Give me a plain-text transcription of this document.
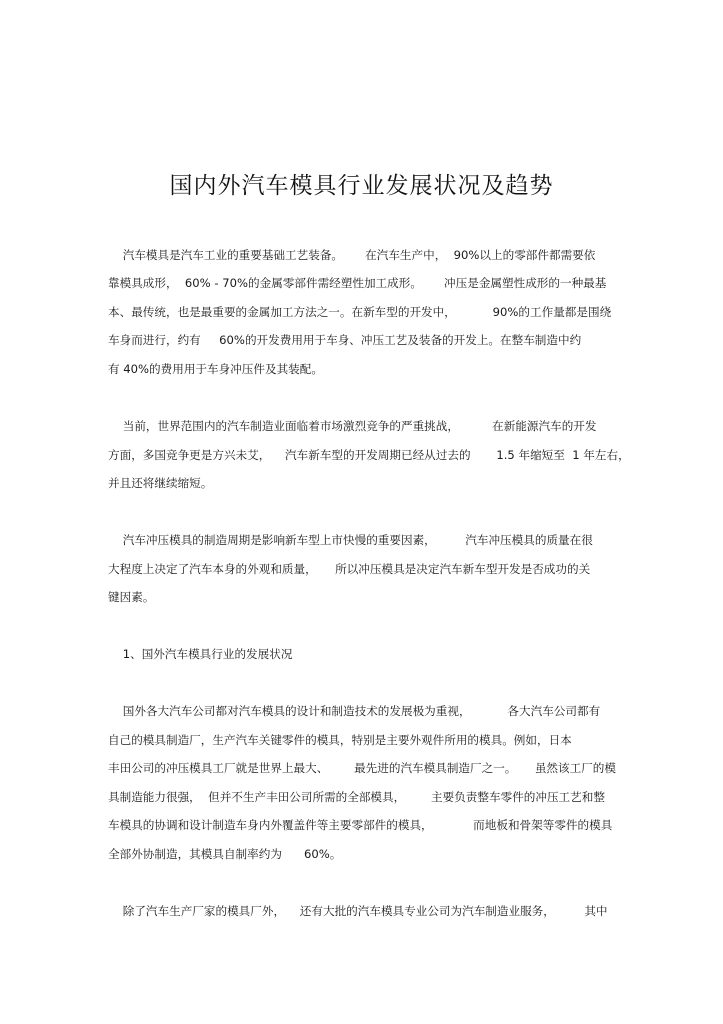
国内外汽车模具行业发展状况及趋势
汽车模具是汽车工业的重要基础工艺装备。      在汽车生产中，  90%以上的零部件都需要依
靠模具成形，  60% - 70%的金属零部件需经塑性加工成形。      冲压是金属塑性成形的一种最基
本、最传统，也是最重要的金属加工方法之一。在新车型的开发中，          90%的工作量都是围绕
车身而进行，约有     60%的开发费用用于车身、冲压工艺及装备的开发上。在整车制造中约
有 40%的费用用于车身冲压件及其装配。
当前，世界范围内的汽车制造业面临着市场激烈竞争的严重挑战，         在新能源汽车的开发
方面，多国竞争更是方兴未艾，    汽车新车型的开发周期已经从过去的       1.5 年缩短至  1 年左右，
并且还将继续缩短。
汽车冲压模具的制造周期是影响新车型上市快慢的重要因素，        汽车冲压模具的质量在很
大程度上决定了汽车本身的外观和质量，     所以冲压模具是决定汽车新车型开发是否成功的关
键因素。
1、国外汽车模具行业的发展状况
国外各大汽车公司都对汽车模具的设计和制造技术的发展极为重视，          各大汽车公司都有
自己的模具制造厂，生产汽车关键零件的模具，特别是主要外观件所用的模具。例如，日本
丰田公司的冲压模具工厂就是世界上最大、       最先进的汽车模具制造厂之一。     虽然该工厂的模
具制造能力很强，  但并不生产丰田公司所需的全部模具，       主要负责整车零件的冲压工艺和整
车模具的协调和设计制造车身内外覆盖件等主要零部件的模具，           而地板和骨架等零件的模具
全部外协制造，其模具自制率约为      60%。
除了汽车生产厂家的模具厂外，    还有大批的汽车模具专业公司为汽车制造业服务，        其中
